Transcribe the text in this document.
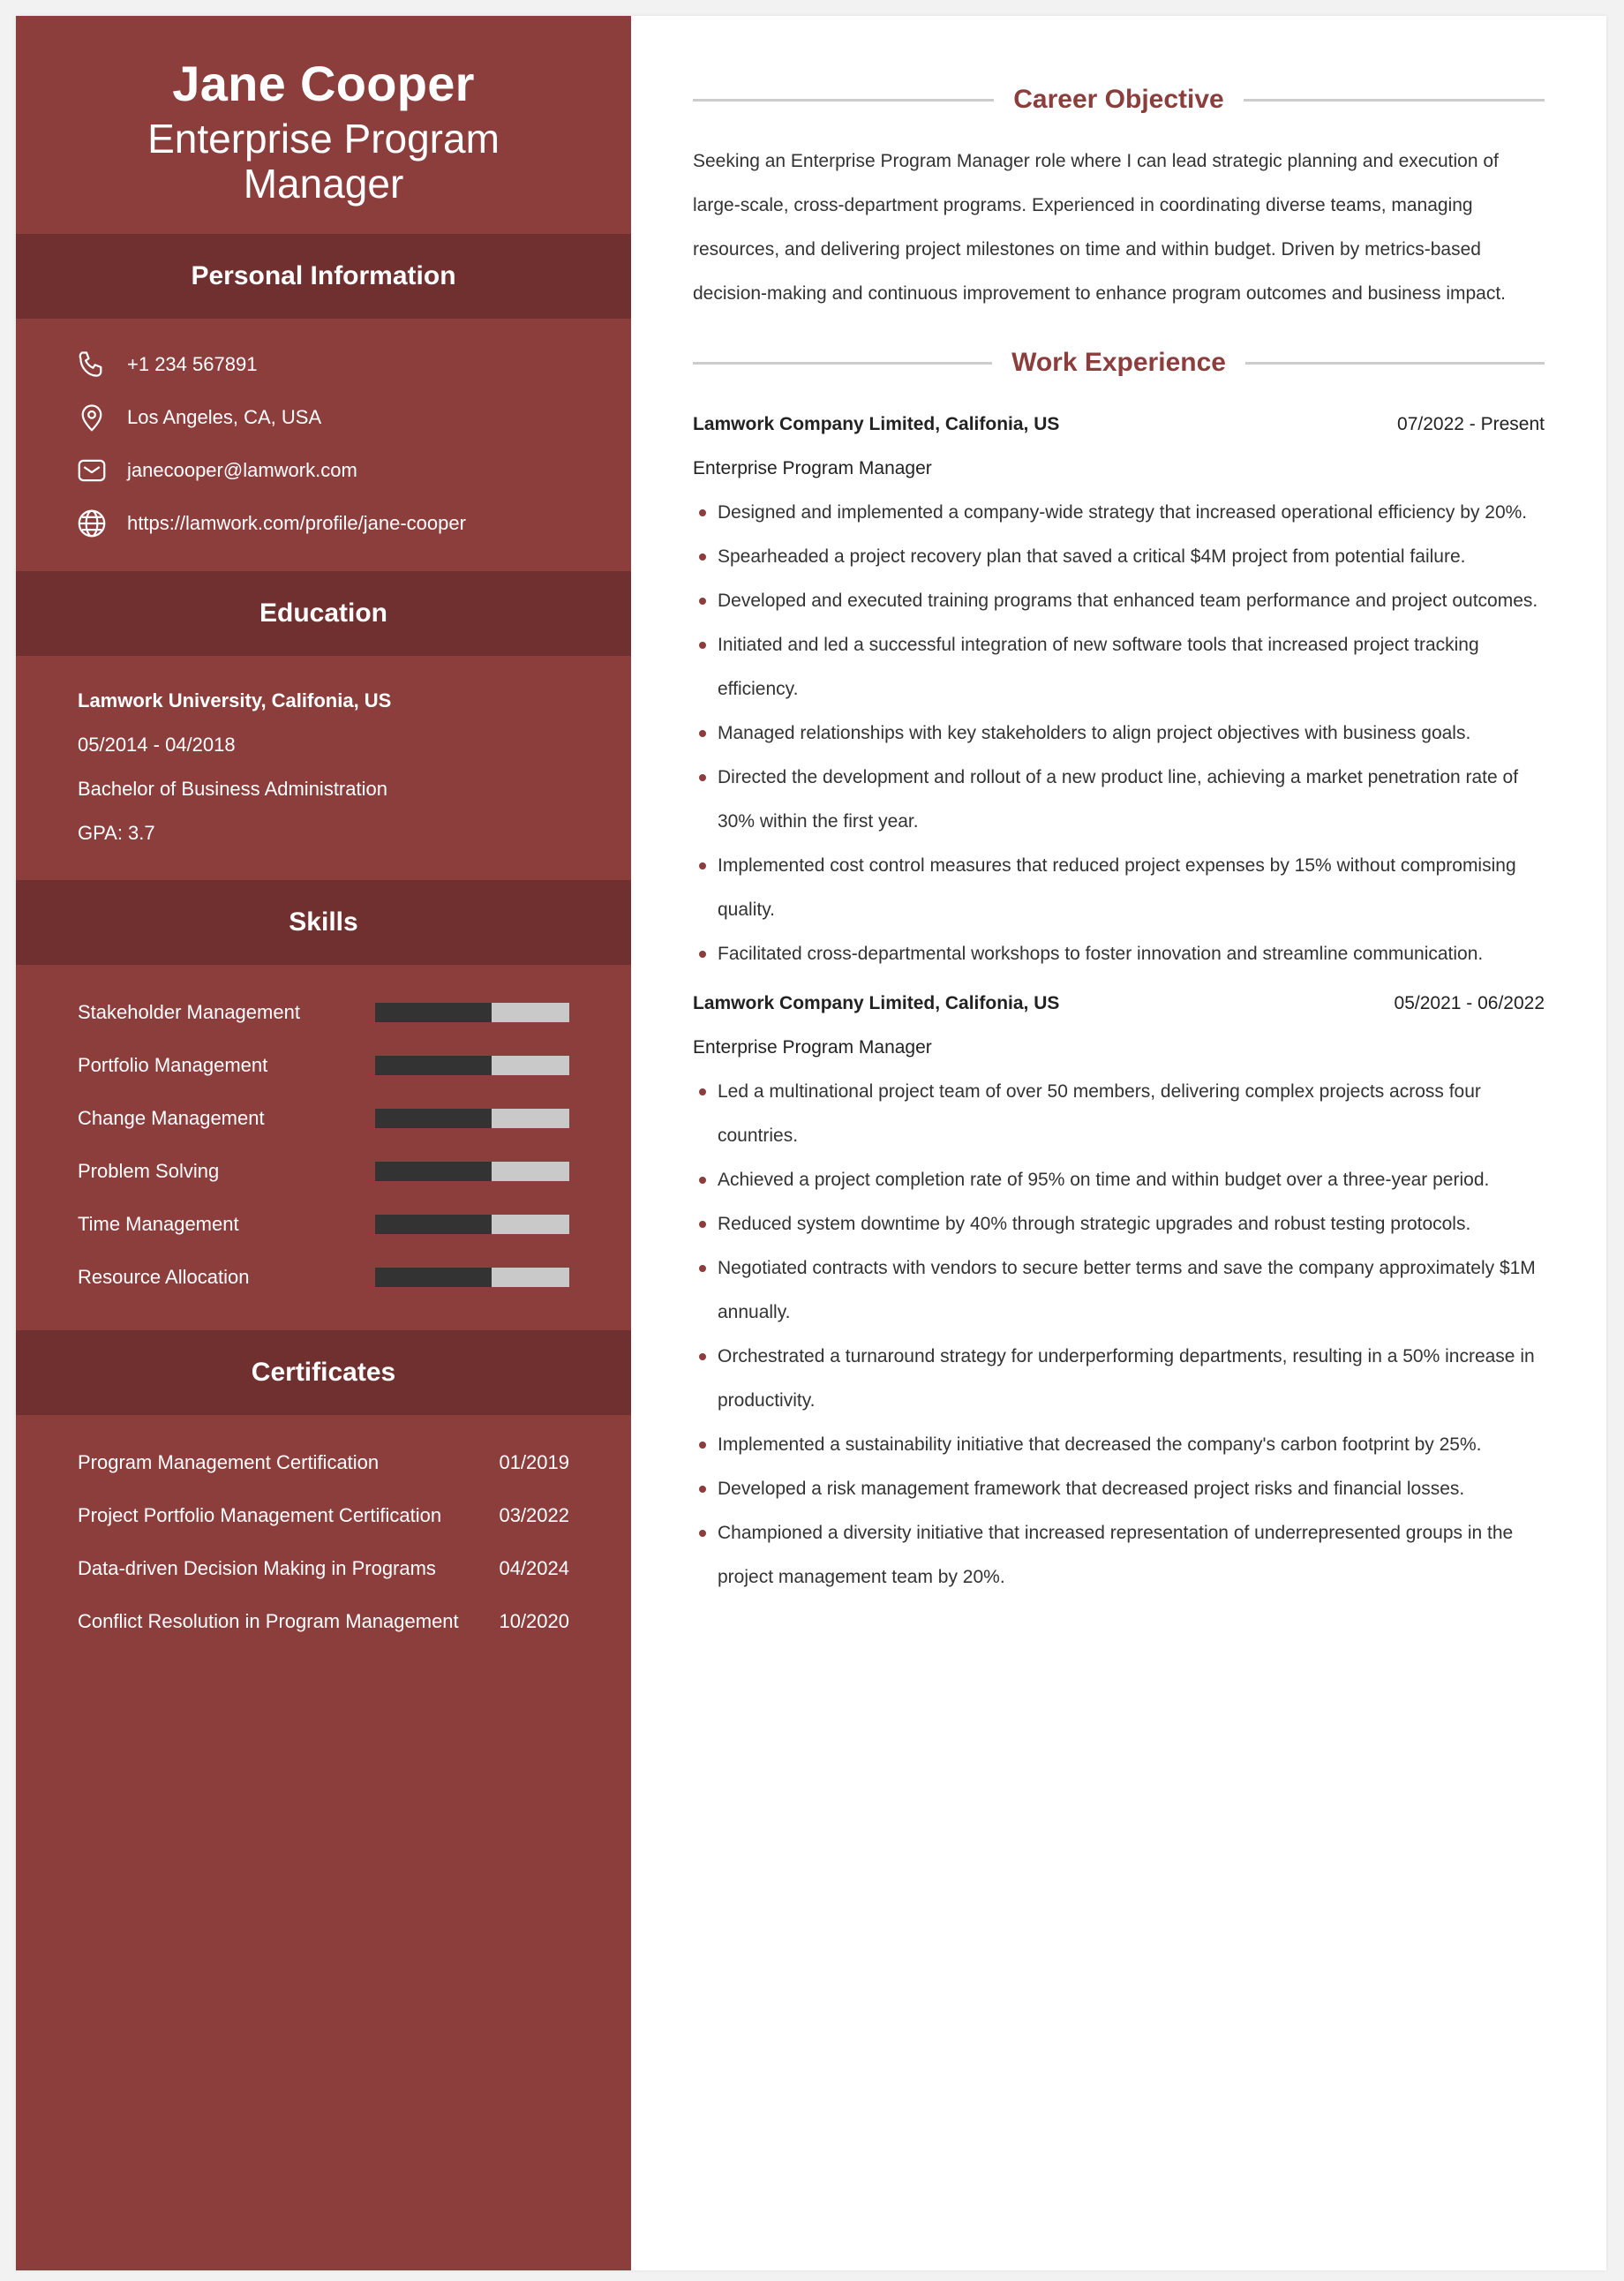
Jane Cooper
Enterprise Program Manager
Personal Information
+1 234 567891
Los Angeles, CA, USA
janecooper@lamwork.com
https://lamwork.com/profile/jane-cooper
Education
Lamwork University, Califonia, US
05/2014 - 04/2018
Bachelor of Business Administration
GPA: 3.7
Skills
Stakeholder Management
Portfolio Management
Change Management
Problem Solving
Time Management
Resource Allocation
Certificates
Program Management Certification	01/2019
Project Portfolio Management Certification	03/2022
Data-driven Decision Making in Programs	04/2024
Conflict Resolution in Program Management 10/2020
Career Objective

Seeking an Enterprise Program Manager role where I can lead strategic planning and execution of large-scale, cross-department programs. Experienced in coordinating diverse teams, managing resources, and delivering project milestones on time and within budget. Driven by metrics-based decision-making and continuous improvement to enhance program outcomes and business impact.

Work Experience
Lamwork Company Limited, Califonia, US	07/2022 - Present
Enterprise Program Manager
Designed and implemented a company-wide strategy that increased operational efficiency by 20%.
Spearheaded a project recovery plan that saved a critical $4M project from potential failure.
Developed and executed training programs that enhanced team performance and project outcomes.
Initiated and led a successful integration of new software tools that increased project tracking efficiency.
Managed relationships with key stakeholders to align project objectives with business goals.
Directed the development and rollout of a new product line, achieving a market penetration rate of 30% within the first year.
Implemented cost control measures that reduced project expenses by 15% without compromising quality.
Facilitated cross-departmental workshops to foster innovation and streamline communication.
Lamwork Company Limited, Califonia, US	05/2021 - 06/2022
Enterprise Program Manager
Led a multinational project team of over 50 members, delivering complex projects across four countries.
Achieved a project completion rate of 95% on time and within budget over a three-year period.
Reduced system downtime by 40% through strategic upgrades and robust testing protocols.
Negotiated contracts with vendors to secure better terms and save the company approximately $1M annually.
Orchestrated a turnaround strategy for underperforming departments, resulting in a 50% increase in productivity.
Implemented a sustainability initiative that decreased the company's carbon footprint by 25%.
Developed a risk management framework that decreased project risks and financial losses.
Championed a diversity initiative that increased representation of underrepresented groups in the project management team by 20%.
